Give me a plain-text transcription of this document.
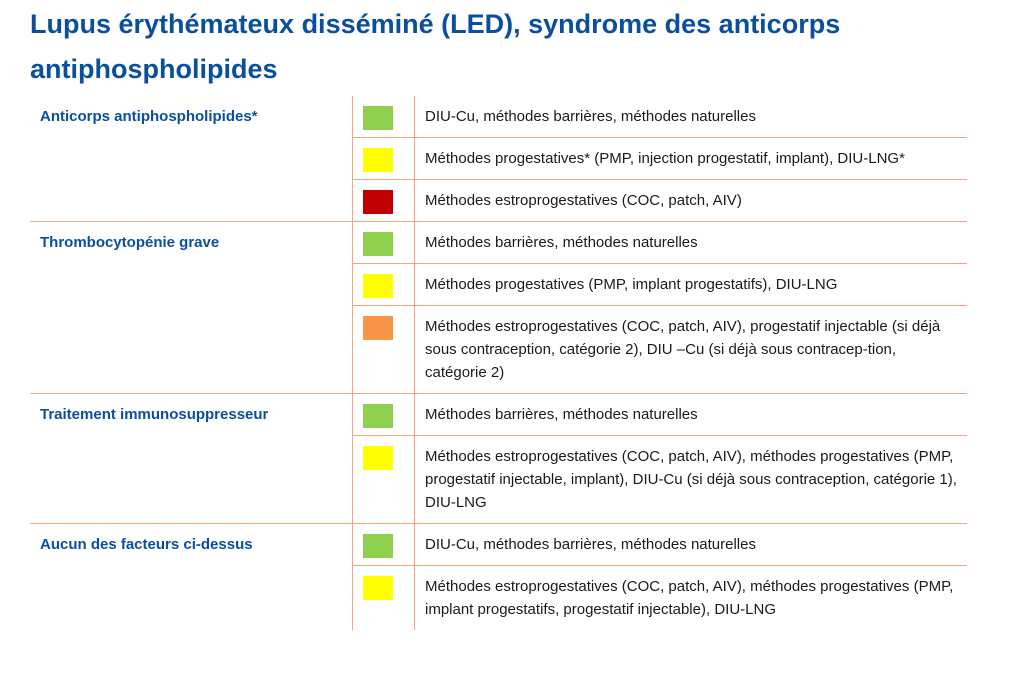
Lupus érythémateux disséminé (LED), syndrome des anticorps antiphospholipides
Anticorps antiphospholipides*		DIU-Cu, méthodes barrières, méthodes naturelles

		Méthodes progestatives* (PMP, injection progestatif, implant), DIU-LNG*

		Méthodes estroprogestatives (COC, patch, AIV)
Thrombocytopénie grave		Méthodes barrières, méthodes naturelles

		Méthodes progestatives (PMP, implant progestatifs), DIU-LNG

		Méthodes estroprogestatives (COC, patch, AIV), progestatif injectable (si déjà sous contraception, catégorie 2), DIU –Cu (si déjà sous contracep-tion, catégorie 2)
Traitement immunosuppresseur		Méthodes barrières, méthodes naturelles

		Méthodes estroprogestatives (COC, patch, AIV), méthodes progestatives (PMP, progestatif injectable, implant), DIU-Cu (si déjà sous contraception, catégorie 1), DIU-LNG
Aucun des facteurs ci-dessus		DIU-Cu, méthodes barrières, méthodes naturelles

		Méthodes estroprogestatives (COC, patch, AIV), méthodes progestatives (PMP, implant progestatifs, progestatif injectable), DIU-LNG
